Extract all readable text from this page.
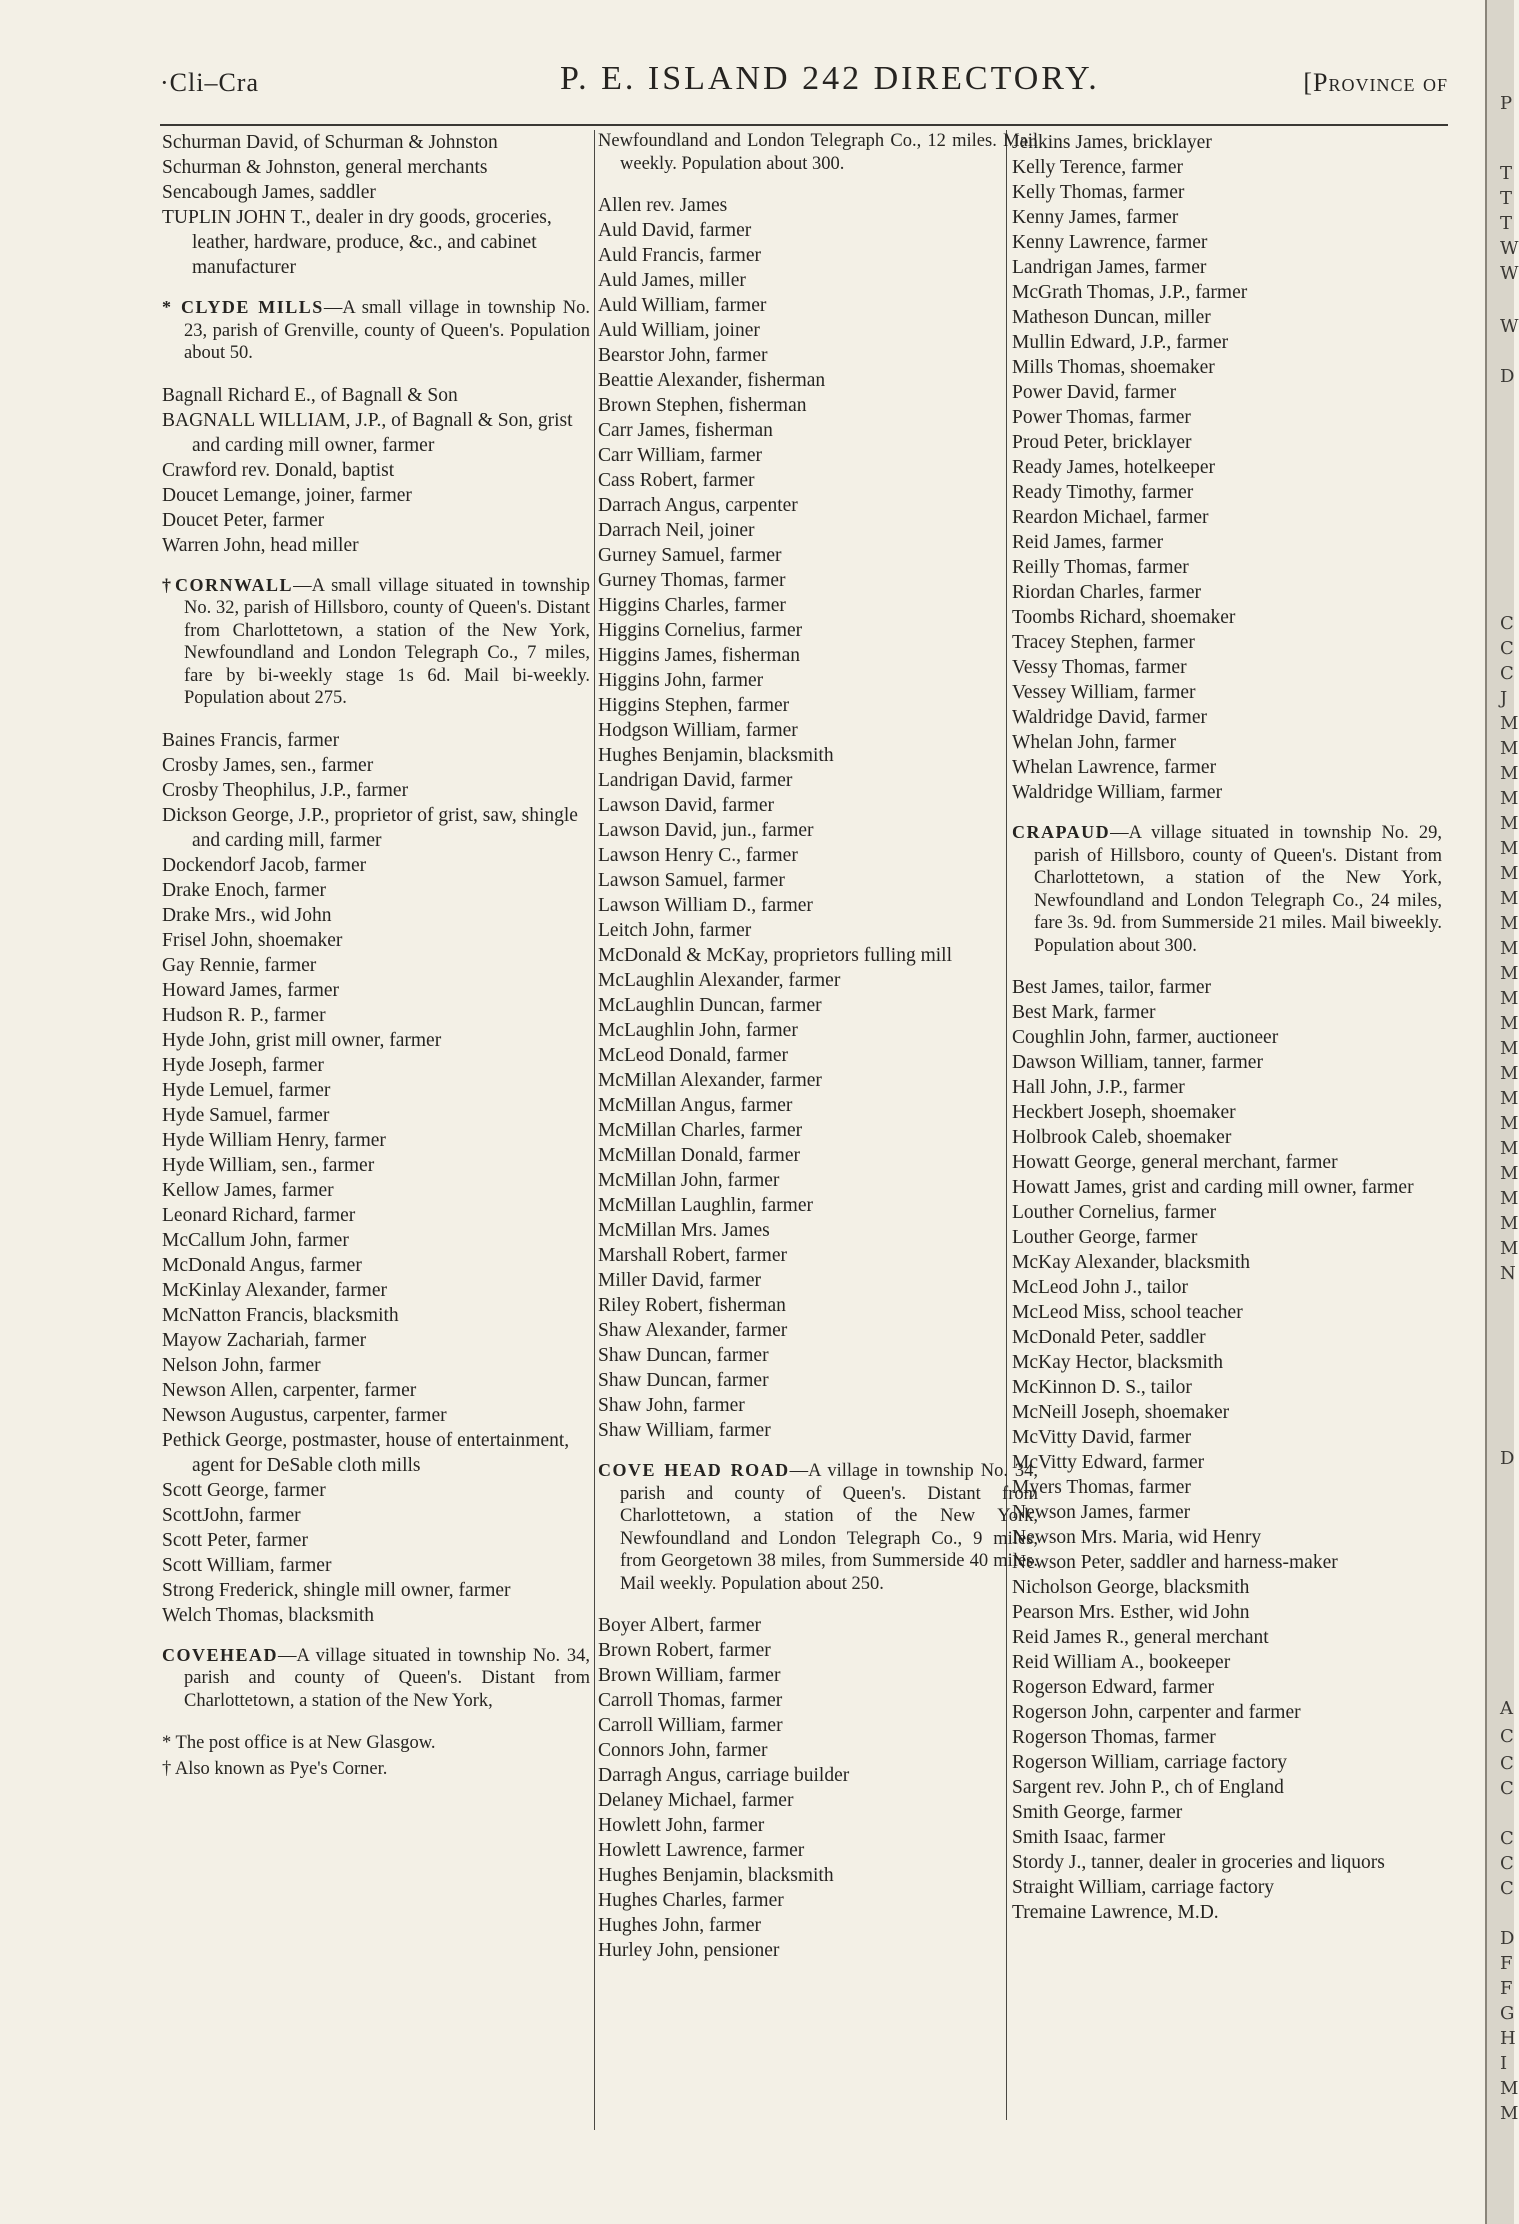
·Cli–Cra	P. E. ISLAND 242 DIRECTORY.	[Province of
Schurman David, of Schurman & Johnston
Schurman & Johnston, general merchants
Sencabough James, saddler
TUPLIN JOHN T., dealer in dry goods, groceries, leather, hardware, produce, &c., and cabinet manufacturer
* CLYDE MILLS—A small village in township No. 23, parish of Grenville, county of Queen's. Population about 50.
Bagnall Richard E., of Bagnall & Son
BAGNALL WILLIAM, J.P., of Bagnall & Son, grist and carding mill owner, farmer
Crawford rev. Donald, baptist
Doucet Lemange, joiner, farmer
Doucet Peter, farmer
Warren John, head miller
†CORNWALL—A small village situated in township No. 32, parish of Hillsboro, county of Queen's. Distant from Charlottetown, a station of the New York, Newfoundland and London Telegraph Co., 7 miles, fare by bi-weekly stage 1s 6d. Mail bi-weekly. Population about 275.
Baines Francis, farmer
Crosby James, sen., farmer
Crosby Theophilus, J.P., farmer
Dickson George, J.P., proprietor of grist, saw, shingle and carding mill, farmer
Dockendorf Jacob, farmer
Drake Enoch, farmer
Drake Mrs., wid John
Frisel John, shoemaker
Gay Rennie, farmer
Howard James, farmer
Hudson R. P., farmer
Hyde John, grist mill owner, farmer
Hyde Joseph, farmer
Hyde Lemuel, farmer
Hyde Samuel, farmer
Hyde William Henry, farmer
Hyde William, sen., farmer
Kellow James, farmer
Leonard Richard, farmer
McCallum John, farmer
McDonald Angus, farmer
McKinlay Alexander, farmer
McNatton Francis, blacksmith
Mayow Zachariah, farmer
Nelson John, farmer
Newson Allen, carpenter, farmer
Newson Augustus, carpenter, farmer
Pethick George, postmaster, house of entertainment, agent for DeSable cloth mills
Scott George, farmer
ScottJohn, farmer
Scott Peter, farmer
Scott William, farmer
Strong Frederick, shingle mill owner, farmer
Welch Thomas, blacksmith
COVEHEAD—A village situated in township No. 34, parish and county of Queen's. Distant from Charlottetown, a station of the New York,
* The post office is at New Glasgow.
† Also known as Pye's Corner.
Newfoundland and London Telegraph Co., 12 miles. Mail weekly. Population about 300.
Allen rev. James
Auld David, farmer
Auld Francis, farmer
Auld James, miller
Auld William, farmer
Auld William, joiner
Bearstor John, farmer
Beattie Alexander, fisherman
Brown Stephen, fisherman
Carr James, fisherman
Carr William, farmer
Cass Robert, farmer
Darrach Angus, carpenter
Darrach Neil, joiner
Gurney Samuel, farmer
Gurney Thomas, farmer
Higgins Charles, farmer
Higgins Cornelius, farmer
Higgins James, fisherman
Higgins John, farmer
Higgins Stephen, farmer
Hodgson William, farmer
Hughes Benjamin, blacksmith
Landrigan David, farmer
Lawson David, farmer
Lawson David, jun., farmer
Lawson Henry C., farmer
Lawson Samuel, farmer
Lawson William D., farmer
Leitch John, farmer
McDonald & McKay, proprietors fulling mill
McLaughlin Alexander, farmer
McLaughlin Duncan, farmer
McLaughlin John, farmer
McLeod Donald, farmer
McMillan Alexander, farmer
McMillan Angus, farmer
McMillan Charles, farmer
McMillan Donald, farmer
McMillan John, farmer
McMillan Laughlin, farmer
McMillan Mrs. James
Marshall Robert, farmer
Miller David, farmer
Riley Robert, fisherman
Shaw Alexander, farmer
Shaw Duncan, farmer
Shaw Duncan, farmer
Shaw John, farmer
Shaw William, farmer
COVE HEAD ROAD—A village in township No. 34, parish and county of Queen's. Distant from Charlottetown, a station of the New York, Newfoundland and London Telegraph Co., 9 miles, from Georgetown 38 miles, from Summerside 40 miles. Mail weekly. Population about 250.
Boyer Albert, farmer
Brown Robert, farmer
Brown William, farmer
Carroll Thomas, farmer
Carroll William, farmer
Connors John, farmer
Darragh Angus, carriage builder
Delaney Michael, farmer
Howlett John, farmer
Howlett Lawrence, farmer
Hughes Benjamin, blacksmith
Hughes Charles, farmer
Hughes John, farmer
Hurley John, pensioner
Jenkins James, bricklayer
Kelly Terence, farmer
Kelly Thomas, farmer
Kenny James, farmer
Kenny Lawrence, farmer
Landrigan James, farmer
McGrath Thomas, J.P., farmer
Matheson Duncan, miller
Mullin Edward, J.P., farmer
Mills Thomas, shoemaker
Power David, farmer
Power Thomas, farmer
Proud Peter, bricklayer
Ready James, hotelkeeper
Ready Timothy, farmer
Reardon Michael, farmer
Reid James, farmer
Reilly Thomas, farmer
Riordan Charles, farmer
Toombs Richard, shoemaker
Tracey Stephen, farmer
Vessy Thomas, farmer
Vessey William, farmer
Waldridge David, farmer
Whelan John, farmer
Whelan Lawrence, farmer
Waldridge William, farmer
CRAPAUD—A village situated in township No. 29, parish of Hillsboro, county of Queen's. Distant from Charlottetown, a station of the New York, Newfoundland and London Telegraph Co., 24 miles, fare 3s. 9d. from Summerside 21 miles. Mail biweekly. Population about 300.
Best James, tailor, farmer
Best Mark, farmer
Coughlin John, farmer, auctioneer
Dawson William, tanner, farmer
Hall John, J.P., farmer
Heckbert Joseph, shoemaker
Holbrook Caleb, shoemaker
Howatt George, general merchant, farmer
Howatt James, grist and carding mill owner, farmer
Louther Cornelius, farmer
Louther George, farmer
McKay Alexander, blacksmith
McLeod John J., tailor
McLeod Miss, school teacher
McDonald Peter, saddler
McKay Hector, blacksmith
McKinnon D. S., tailor
McNeill Joseph, shoemaker
McVitty David, farmer
McVitty Edward, farmer
Myers Thomas, farmer
Newson James, farmer
Newson Mrs. Maria, wid Henry
Newson Peter, saddler and harness-maker
Nicholson George, blacksmith
Pearson Mrs. Esther, wid John
Reid James R., general merchant
Reid William A., bookeeper
Rogerson Edward, farmer
Rogerson John, carpenter and farmer
Rogerson Thomas, farmer
Rogerson William, carriage factory
Sargent rev. John P., ch of England
Smith George, farmer
Smith Isaac, farmer
Stordy J., tanner, dealer in groceries and liquors
Straight William, carriage factory
Tremaine Lawrence, M.D.
P
T
T
T
W
W
W
D
C
C
C
J
M
M
M
M
M
M
M
M
M
M
M
M
M
M
M
M
M
M
M
M
M
M
N
D
A
C
C
C
C
C
C
D
F
F
G
H
I
M
M
